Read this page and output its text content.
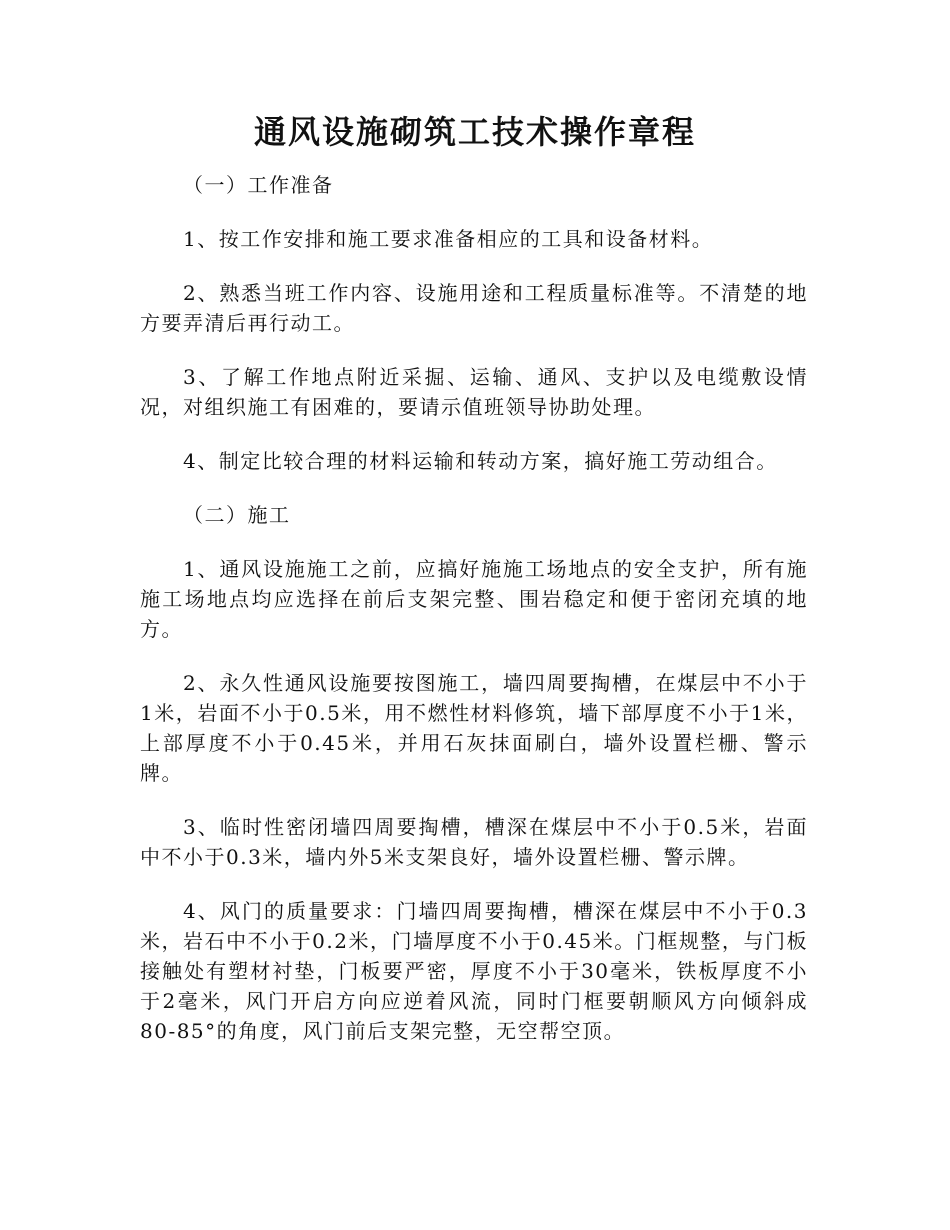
通风设施砌筑工技术操作章程

（一）工作准备

1、按工作安排和施工要求准备相应的工具和设备材料。

2、熟悉当班工作内容、设施用途和工程质量标准等。不清楚的地方要弄清后再行动工。

3、了解工作地点附近采掘、运输、通风、支护以及电缆敷设情况，对组织施工有困难的，要请示值班领导协助处理。

4、制定比较合理的材料运输和转动方案，搞好施工劳动组合。

（二）施工

1、通风设施施工之前，应搞好施施工场地点的安全支护，所有施施工场地点均应选择在前后支架完整、围岩稳定和便于密闭充填的地方。

2、永久性通风设施要按图施工，墙四周要掏槽，在煤层中不小于1米，岩面不小于0.5米，用不燃性材料修筑，墙下部厚度不小于1米，上部厚度不小于0.45米，并用石灰抹面刷白，墙外设置栏栅、警示牌。

3、临时性密闭墙四周要掏槽，槽深在煤层中不小于0.5米，岩面中不小于0.3米，墙内外5米支架良好，墙外设置栏栅、警示牌。

4、风门的质量要求：门墙四周要掏槽，槽深在煤层中不小于0.3米，岩石中不小于0.2米，门墙厚度不小于0.45米。门框规整，与门板接触处有塑材衬垫，门板要严密，厚度不小于30毫米，铁板厚度不小于2毫米，风门开启方向应逆着风流，同时门框要朝顺风方向倾斜成80-85°的角度，风门前后支架完整，无空帮空顶。
